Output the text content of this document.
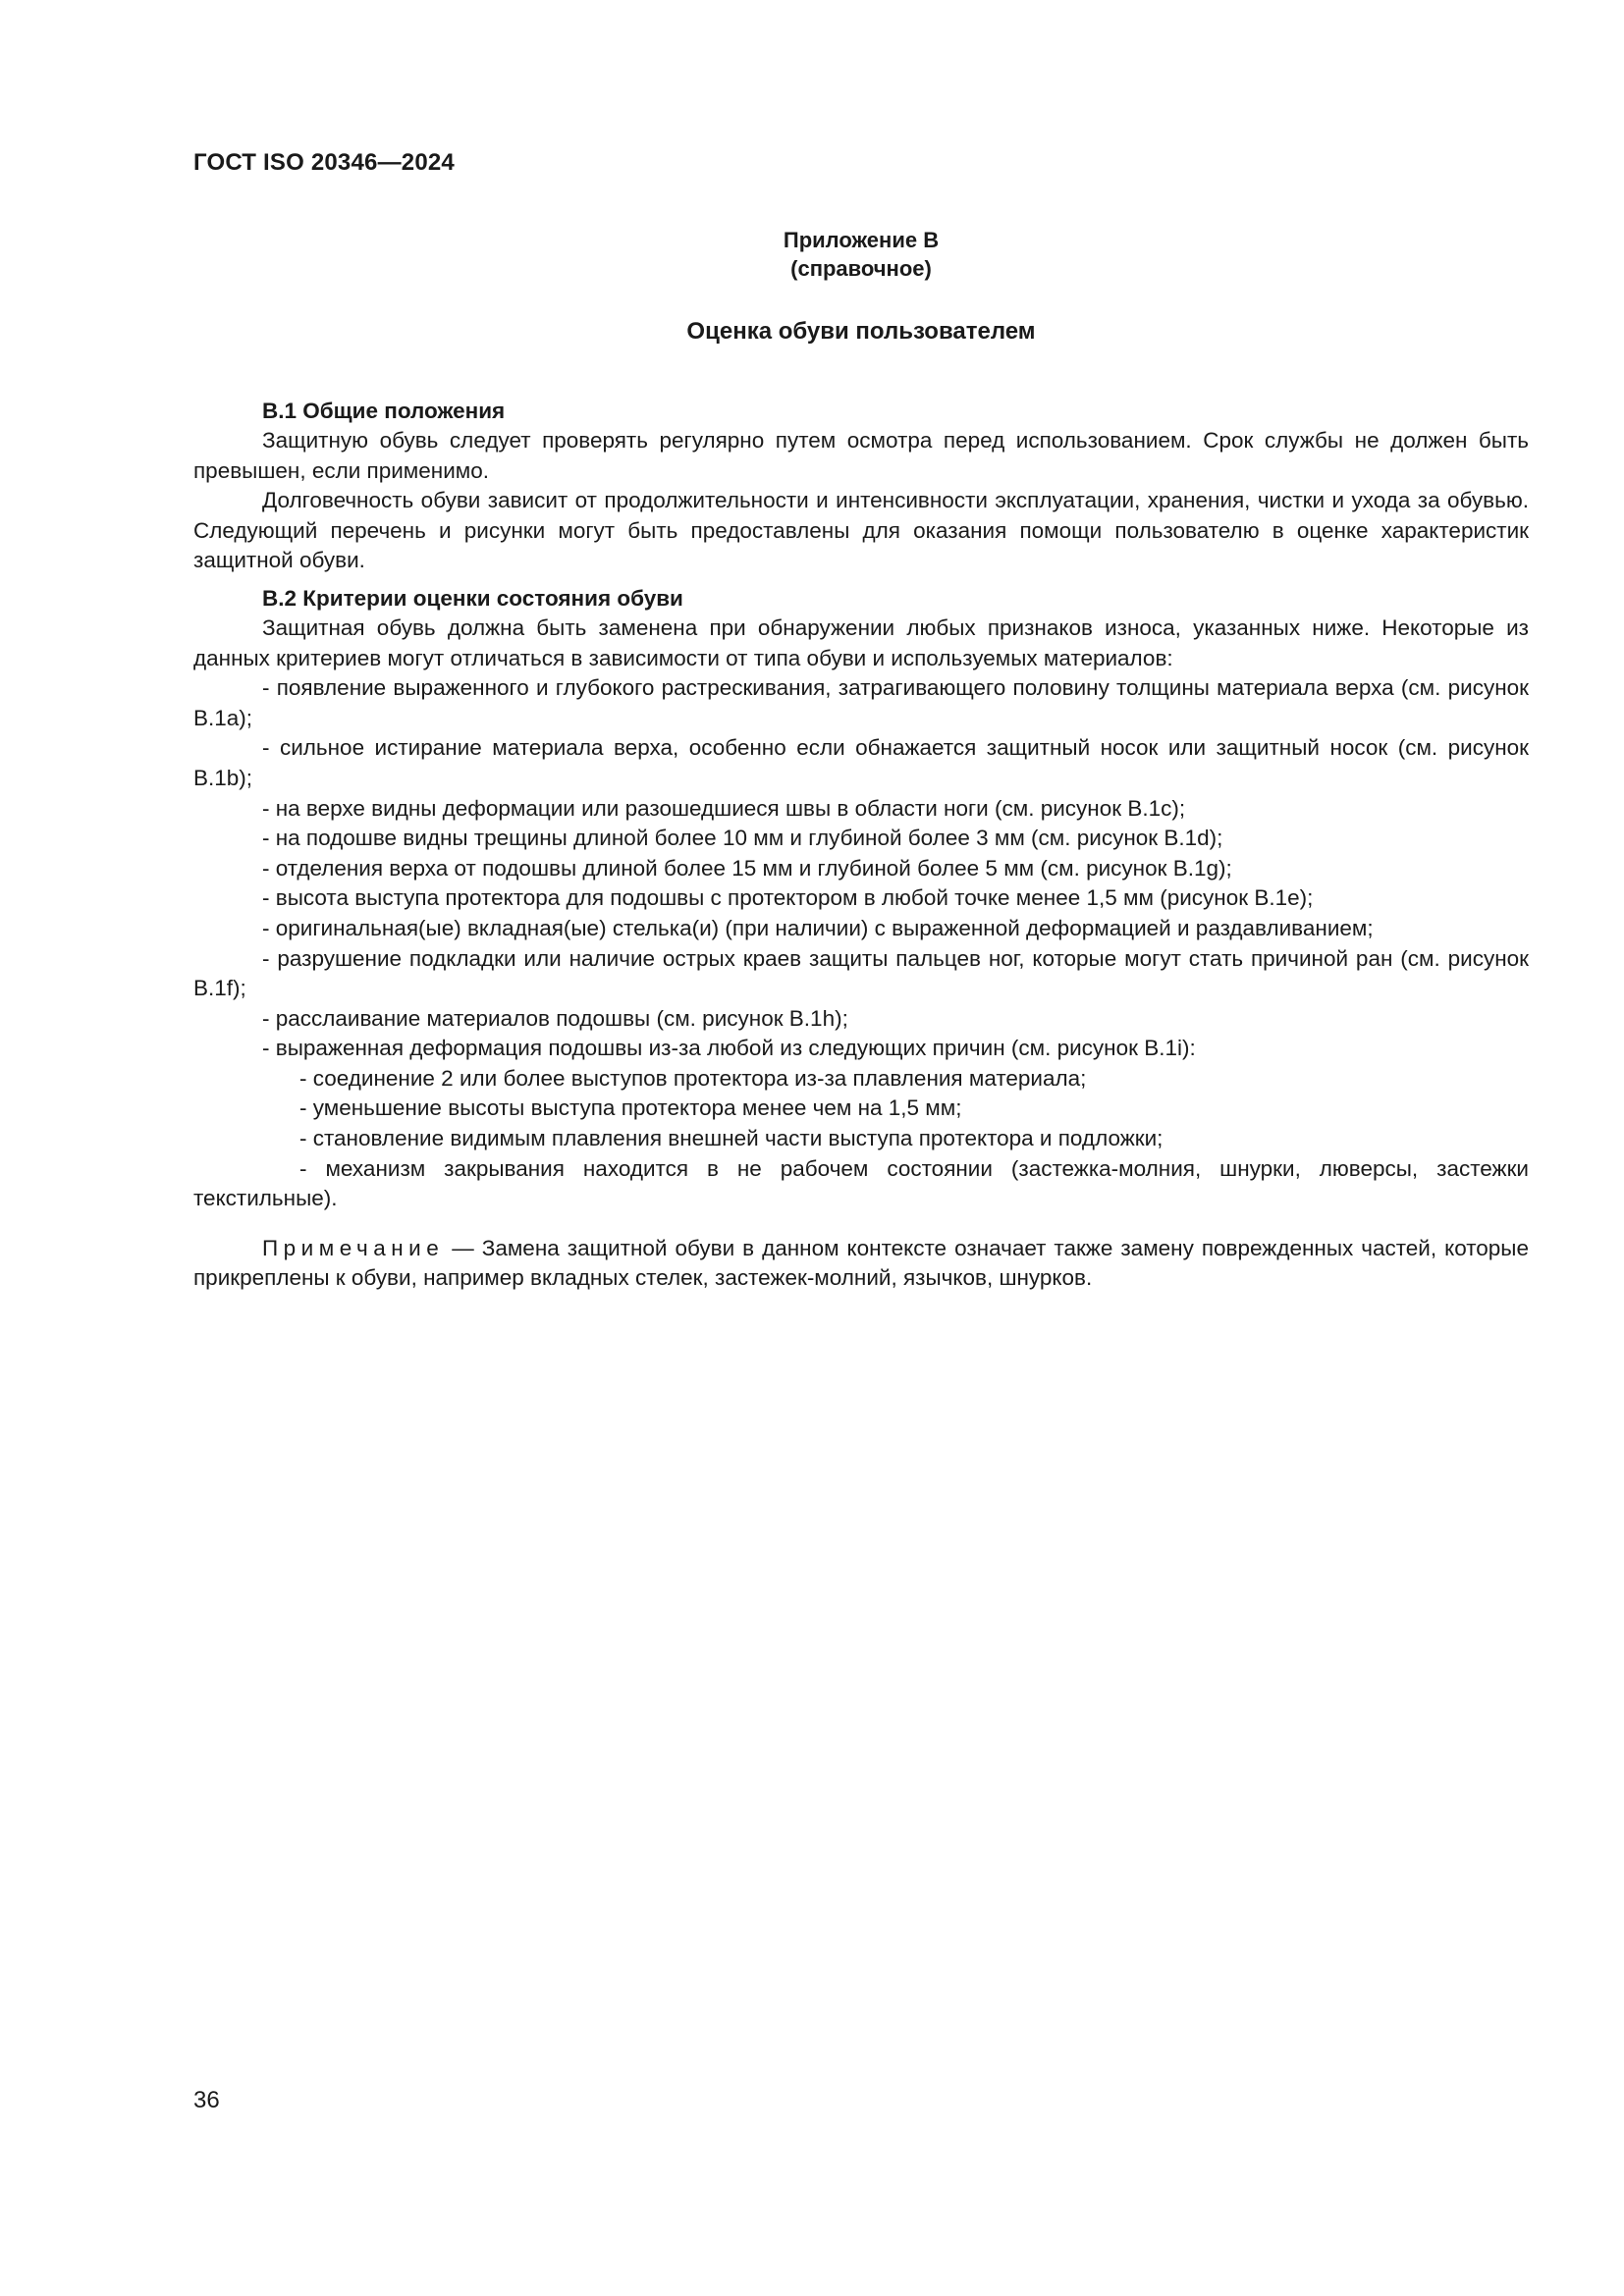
ГОСТ ISO 20346—2024
Приложение В
(справочное)
Оценка обуви пользователем
В.1 Общие положения

Защитную обувь следует проверять регулярно путем осмотра перед использованием. Срок службы не должен быть превышен, если применимо.

Долговечность обуви зависит от продолжительности и интенсивности эксплуатации, хранения, чистки и ухода за обувью. Следующий перечень и рисунки могут быть предоставлены для оказания помощи пользователю в оценке характеристик защитной обуви.

В.2 Критерии оценки состояния обуви

Защитная обувь должна быть заменена при обнаружении любых признаков износа, указанных ниже. Некоторые из данных критериев могут отличаться в зависимости от типа обуви и используемых материалов:

- появление выраженного и глубокого растрескивания, затрагивающего половину толщины материала верха (см. рисунок В.1a);

- сильное истирание материала верха, особенно если обнажается защитный носок или защитный носок (см. рисунок В.1b);

- на верхе видны деформации или разошедшиеся швы в области ноги (см. рисунок В.1c);

- на подошве видны трещины длиной более 10 мм и глубиной более 3 мм (см. рисунок В.1d);

- отделения верха от подошвы длиной более 15 мм и глубиной более 5 мм (см. рисунок В.1g);

- высота выступа протектора для подошвы с протектором в любой точке менее 1,5 мм (рисунок В.1e);

- оригинальная(ые) вкладная(ые) стелька(и) (при наличии) с выраженной деформацией и раздавливанием;

- разрушение подкладки или наличие острых краев защиты пальцев ног, которые могут стать причиной ран (см. рисунок В.1f);

- расслаивание материалов подошвы (см. рисунок В.1h);

- выраженная деформация подошвы из-за любой из следующих причин (см. рисунок В.1i):

- соединение 2 или более выступов протектора из-за плавления материала;

- уменьшение высоты выступа протектора менее чем на 1,5 мм;

- становление видимым плавления внешней части выступа протектора и подложки;

- механизм закрывания находится в не рабочем состоянии (застежка-молния, шнурки, люверсы, застежки текстильные).

Примечание — Замена защитной обуви в данном контексте означает также замену поврежденных частей, которые прикреплены к обуви, например вкладных стелек, застежек-молний, язычков, шнурков.

36
